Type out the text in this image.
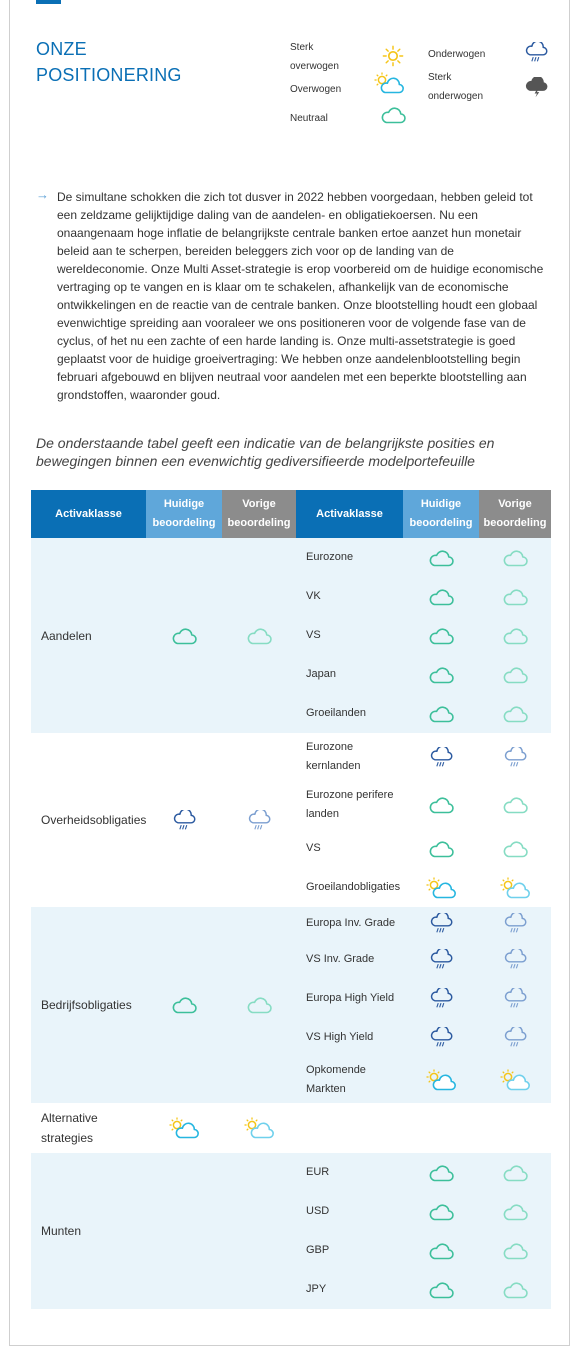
ONZE
POSITIONERING
Sterk
overwogen
Overwogen
Neutraal
Onderwogen
Sterk
onderwogen
→ De simultane schokken die zich tot dusver in 2022 hebben voorgedaan, hebben geleid tot een zeldzame gelijktijdige daling van de aandelen- en obligatiekoersen. Nu een onaangenaam hoge inflatie de belangrijkste centrale banken ertoe aanzet hun monetair beleid aan te scherpen, bereiden beleggers zich voor op de landing van de wereldeconomie. Onze Multi Asset-strategie is erop voorbereid om de huidige economische vertraging op te vangen en is klaar om te schakelen, afhankelijk van de economische ontwikkelingen en de reactie van de centrale banken. Onze blootstelling houdt een globaal evenwichtige spreiding aan vooraleer we ons positioneren voor de volgende fase van de cyclus, of het nu een zachte of een harde landing is. Onze multi-assetstrategie is goed geplaatst voor de huidige groeivertraging: We hebben onze aandelenblootstelling begin februari afgebouwd en blijven neutraal voor aandelen met een beperkte blootstelling aan grondstoffen, waaronder goud.

De onderstaande tabel geeft een indicatie van de belangrijkste posities en bewegingen binnen een evenwichtig gediversifieerde modelportefeuille
Activaklasse	Huidige beoordeling	Vorige beoordeling	Activaklasse	Huidige beoordeling	Vorige beoordeling
Aandelen			Eurozone		
			VK		
			VS		
			Japan		
			Groeilanden		
Overheidsobligaties			Eurozone kernlanden		
			Eurozone perifere landen		
			VS		
			Groeilandobligaties		
Bedrijfsobligaties			Europa Inv. Grade		
			VS Inv. Grade		
			Europa High Yield		
			VS High Yield		
			Opkomende Markten		
Alternative strategies					
Munten			EUR		
			USD		
			GBP		
			JPY		
